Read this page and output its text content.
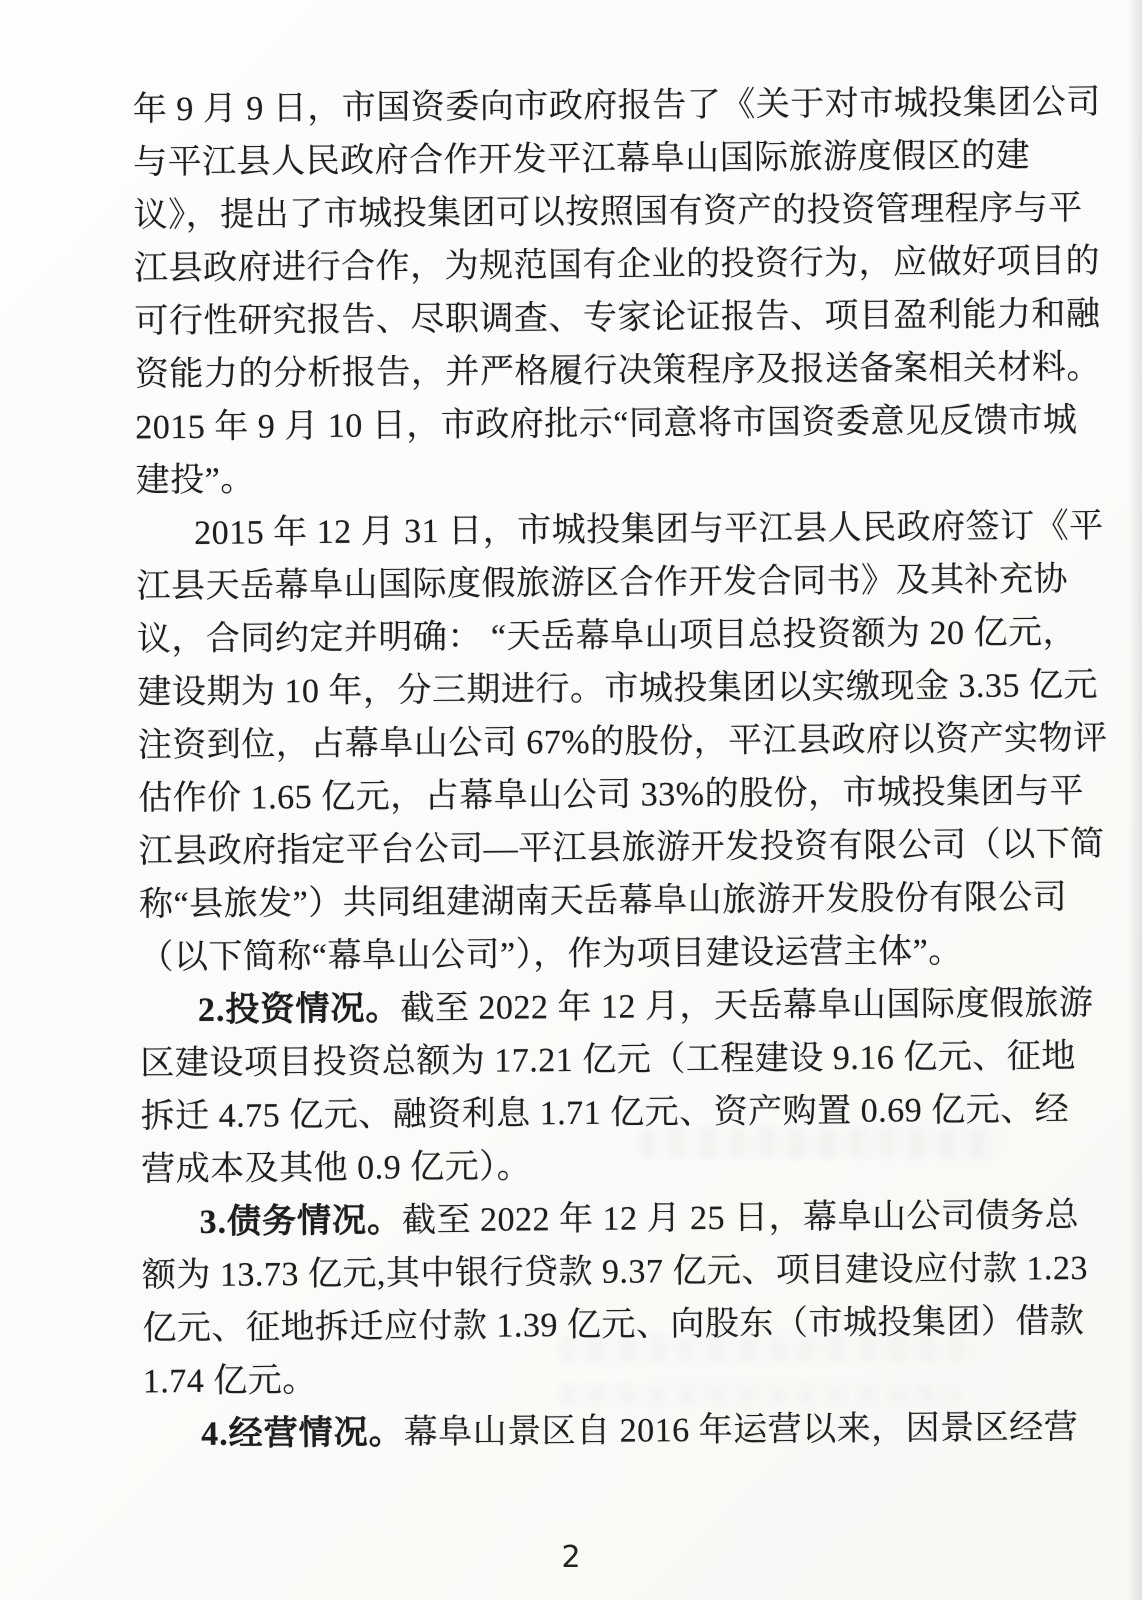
年 9 月 9 日，市国资委向市政府报告了《关于对市城投集团公司
与平江县人民政府合作开发平江幕阜山国际旅游度假区的建
议》，提出了市城投集团可以按照国有资产的投资管理程序与平
江县政府进行合作，为规范国有企业的投资行为，应做好项目的
可行性研究报告、尽职调查、专家论证报告、项目盈利能力和融
资能力的分析报告，并严格履行决策程序及报送备案相关材料。
2015 年 9 月 10 日，市政府批示“同意将市国资委意见反馈市城
建投”。
2015 年 12 月 31 日，市城投集团与平江县人民政府签订《平
江县天岳幕阜山国际度假旅游区合作开发合同书》及其补充协
议，合同约定并明确： “天岳幕阜山项目总投资额为 20 亿元，
建设期为 10 年，分三期进行。市城投集团以实缴现金 3.35 亿元
注资到位，占幕阜山公司 67%的股份，平江县政府以资产实物评
估作价 1.65 亿元，占幕阜山公司 33%的股份，市城投集团与平
江县政府指定平台公司—平江县旅游开发投资有限公司（以下简
称“县旅发”）共同组建湖南天岳幕阜山旅游开发股份有限公司
（以下简称“幕阜山公司”），作为项目建设运营主体”。
2.投资情况。截至 2022 年 12 月，天岳幕阜山国际度假旅游
区建设项目投资总额为 17.21 亿元（工程建设 9.16 亿元、征地
拆迁 4.75 亿元、融资利息 1.71 亿元、资产购置 0.69 亿元、经
营成本及其他 0.9 亿元）。
3.债务情况。截至 2022 年 12 月 25 日，幕阜山公司债务总
额为 13.73 亿元,其中银行贷款 9.37 亿元、项目建设应付款 1.23
亿元、征地拆迁应付款 1.39 亿元、向股东（市城投集团）借款
1.74 亿元。
4.经营情况。幕阜山景区自 2016 年运营以来，因景区经营
2
